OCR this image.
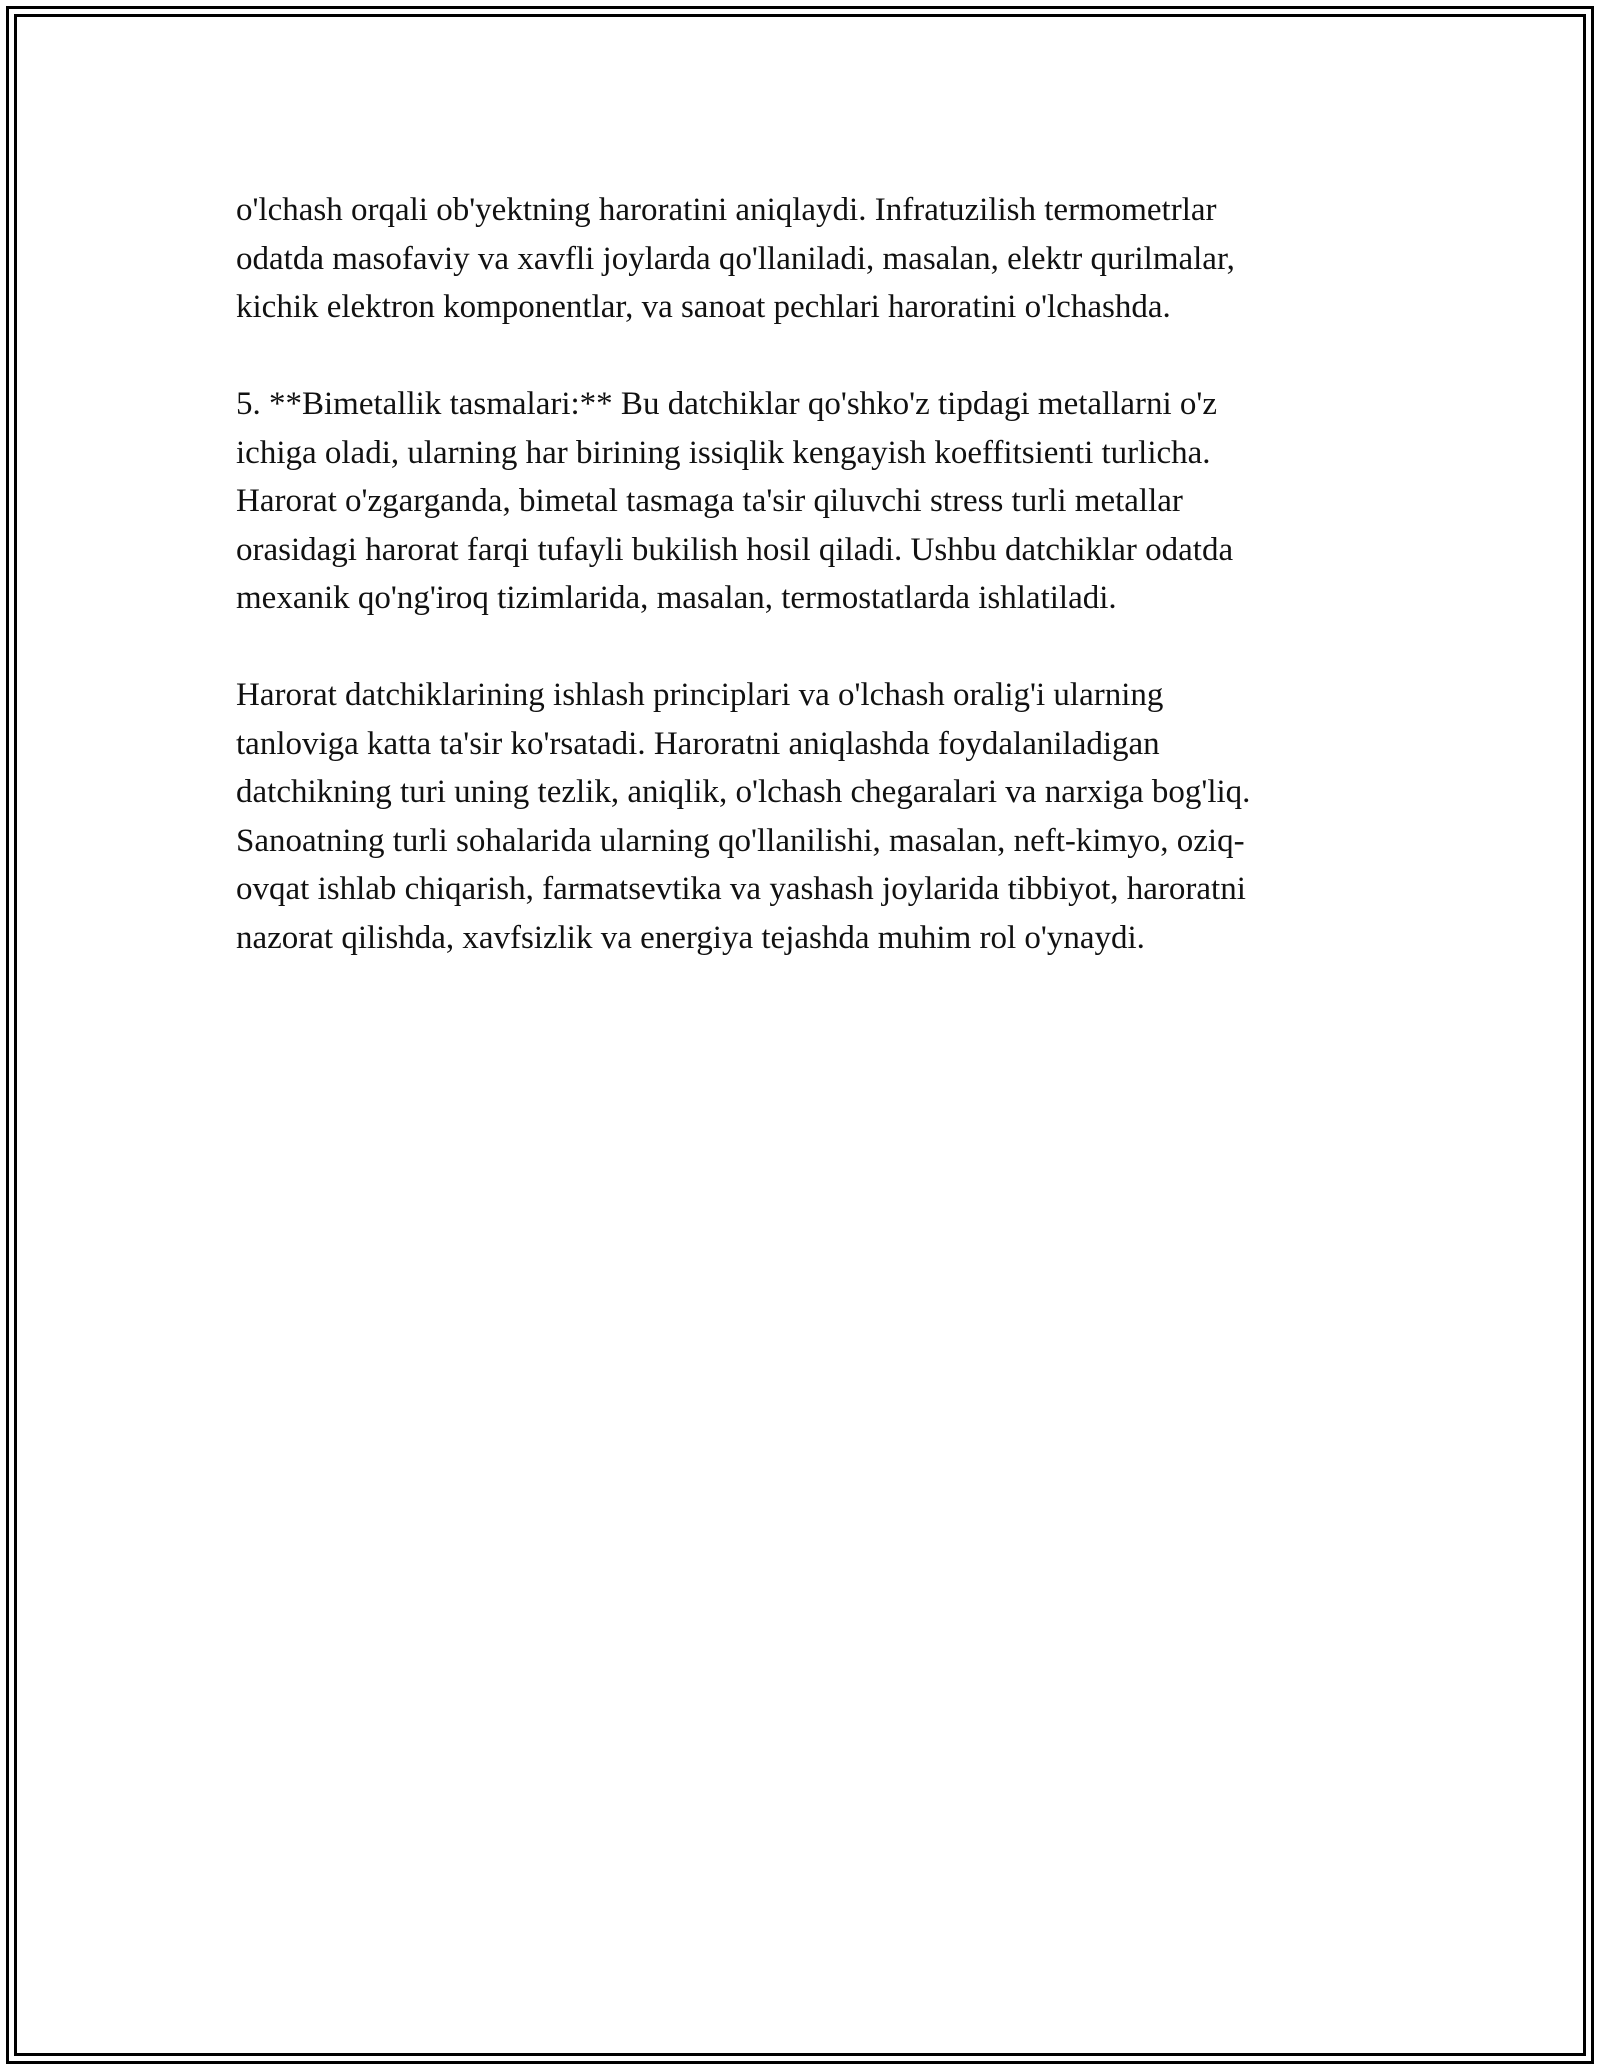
o'lchash orqali ob'yektning haroratini aniqlaydi. Infratuzilish termometrlar
odatda masofaviy va xavfli joylarda qo'llaniladi, masalan, elektr qurilmalar,
kichik elektron komponentlar, va sanoat pechlari haroratini o'lchashda.

5. **Bimetallik tasmalari:** Bu datchiklar qo'shko'z tipdagi metallarni o'z
ichiga oladi, ularning har birining issiqlik kengayish koeffitsienti turlicha.
Harorat o'zgarganda, bimetal tasmaga ta'sir qiluvchi stress turli metallar
orasidagi harorat farqi tufayli bukilish hosil qiladi. Ushbu datchiklar odatda
mexanik qo'ng'iroq tizimlarida, masalan, termostatlarda ishlatiladi.

Harorat datchiklarining ishlash principlari va o'lchash oralig'i ularning
tanloviga katta ta'sir ko'rsatadi. Haroratni aniqlashda foydalaniladigan
datchikning turi uning tezlik, aniqlik, o'lchash chegaralari va narxiga bog'liq.
Sanoatning turli sohalarida ularning qo'llanilishi, masalan, neft-kimyo, oziq-
ovqat ishlab chiqarish, farmatsevtika va yashash joylarida tibbiyot, haroratni
nazorat qilishda, xavfsizlik va energiya tejashda muhim rol o'ynaydi.
